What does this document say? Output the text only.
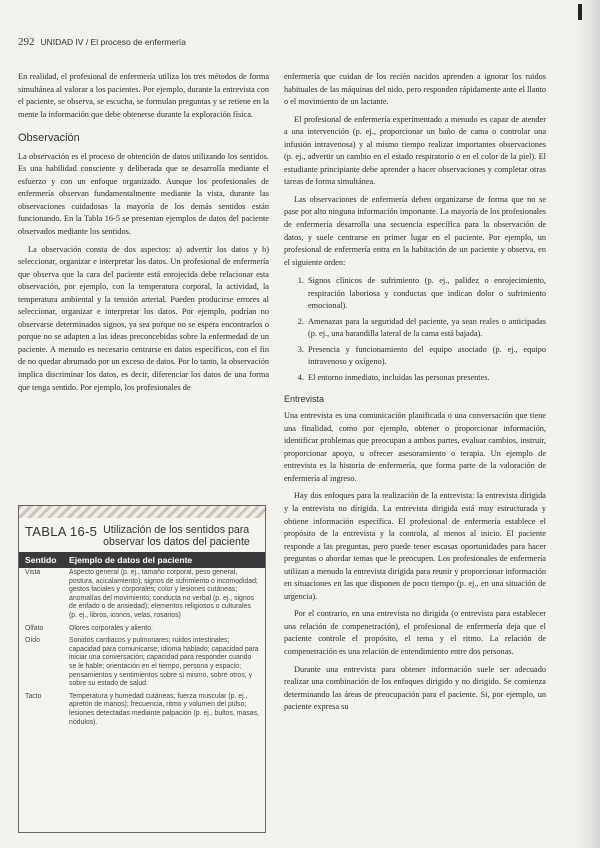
292 UNIDAD IV / El proceso de enfermería

En realidad, el profesional de enfermería utiliza los tres métodos de forma simultánea al valorar a los pacientes. Por ejemplo, durante la entrevista con el paciente, se observa, se escucha, se formulan preguntas y se retiene en la mente la información que debe obtenerse durante la exploración física.

Observación

La observación es el proceso de obtención de datos utilizando los sentidos. Es una habilidad consciente y deliberada que se desarrolla mediante el esfuerzo y con un enfoque organizado. Aunque los profesionales de enfermería observan fundamentalmente mediante la vista, durante las observaciones cuidadosas la mayoría de los demás sentidos están funcionando. En la Tabla 16-5 se presentan ejemplos de datos del paciente observados mediante los sentidos.

La observación consta de dos aspectos: a) advertir los datos y b) seleccionar, organizar e interpretar los datos. Un profesional de enfermería que observa que la cara del paciente está enrojecida debe relacionar esta observación, por ejemplo, con la temperatura corporal, la actividad, la temperatura ambiental y la tensión arterial. Pueden producirse errores al seleccionar, organizar e interpretar los datos. Por ejemplo, podrían no observarse determinados signos, ya sea porque no se espera encontrarlos o porque no se adapten a las ideas preconcebidas sobre la enfermedad de un paciente. A menudo es necesario centrarse en datos específicos, con el fin de no quedar abrumado por un exceso de datos. Por lo tanto, la observación implica discriminar los datos, es decir, diferenciar los datos de una forma que tenga sentido. Por ejemplo, los profesionales de

TABLA 16-5 Utilización de los sentidos para observar los datos del paciente
Sentido	Ejemplo de datos del paciente
Vista	Aspecto general (p. ej., tamaño corporal, peso general, postura, acicalamiento); signos de sufrimiento o incomodidad; gestos faciales y corporales; color y lesiones cutáneas; anomalías del movimiento; conducta no verbal (p. ej., signos de enfado o de ansiedad); elementos religiosos o culturales (p. ej., libros, iconos, velas, rosarios)
Olfato	Olores corporales y aliento.
Oído	Sonidos cardiacos y pulmonares; ruidos intestinales; capacidad para comunicarse; idioma hablado; capacidad para iniciar una conversación; capacidad para responder cuando se le hable; orientación en el tiempo, persona y espacio; pensamientos y sentimientos sobre sí mismo, sobre otros, y sobre su estado de salud.
Tacto	Temperatura y humedad cutáneas; fuerza muscular (p. ej., apretón de manos); frecuencia, ritmo y volumen del pulso; lesiones detectadas mediante palpación (p. ej., bultos, masas, nódulos).

enfermería que cuidan de los recién nacidos aprenden a ignorar los ruidos habituales de las máquinas del nido, pero responden rápidamente ante el llanto o el movimiento de un lactante.

El profesional de enfermería experimentado a menudo es capaz de atender a una intervención (p. ej., proporcionar un baño de cama o controlar una infusión intravenosa) y al mismo tiempo realizar importantes observaciones (p. ej., advertir un cambio en el estado respiratorio o en el color de la piel). El estudiante principiante debe aprender a hacer observaciones y completar otras tareas de forma simultánea.

Las observaciones de enfermería deben organizarse de forma que no se pase por alto ninguna información importante. La mayoría de los profesionales de enfermería desarrolla una secuencia específica para la observación de datos, y suele centrarse en primer lugar en el paciente. Por ejemplo, un profesional de enfermería entra en la habitación de un paciente y observa, en el siguiente orden:

1. Signos clínicos de sufrimiento (p. ej., palidez o enrojecimiento, respiración laboriosa y conductas que indican dolor o sufrimiento emocional).
2. Amenazas para la seguridad del paciente, ya sean reales o anticipadas (p. ej., una barandilla lateral de la cama está bajada).
3. Presencia y funcionamiento del equipo asociado (p. ej., equipo intravenoso y oxígeno).
4. El entorno inmediato, incluidas las personas presentes.
Entrevista

Una entrevista es una comunicación planificada o una conversación que tiene una finalidad, como por ejemplo, obtener o proporcionar información, identificar problemas que preocupan a ambos partes, evaluar cambios, instruir, proporcionar apoyo, u ofrecer asesoramiento o terapia. Un ejemplo de entrevista es la historia de enfermería, que forma parte de la valoración de enfermería al ingreso.

Hay dos enfoques para la realización de la entrevista: la entrevista dirigida y la entrevista no dirigida. La entrevista dirigida está muy estructurada y obtiene información específica. El profesional de enfermería establece el propósito de la entrevista y la controla, al menos al inicio. El paciente responde a las preguntas, pero puede tener escasas oportunidades para hacer preguntas o abordar temas que le preocupen. Los profesionales de enfermería utilizan a menudo la entrevista dirigida para reunir y proporcionar información en situaciones en las que disponen de poco tiempo (p. ej., en una situación de urgencia).

Por el contrario, en una entrevista no dirigida (o entrevista para establecer una relación de compenetración), el profesional de enfermería deja que el paciente controle el propósito, el tema y el ritmo. La relación de compenetración es una relación de entendimiento entre dos personas.

Durante una entrevista para obtener información suele ser adecuado realizar una combinación de los enfoques dirigido y no dirigido. Se comienza determinando las áreas de preocupación para el paciente. Si, por ejemplo, un paciente expresa su
